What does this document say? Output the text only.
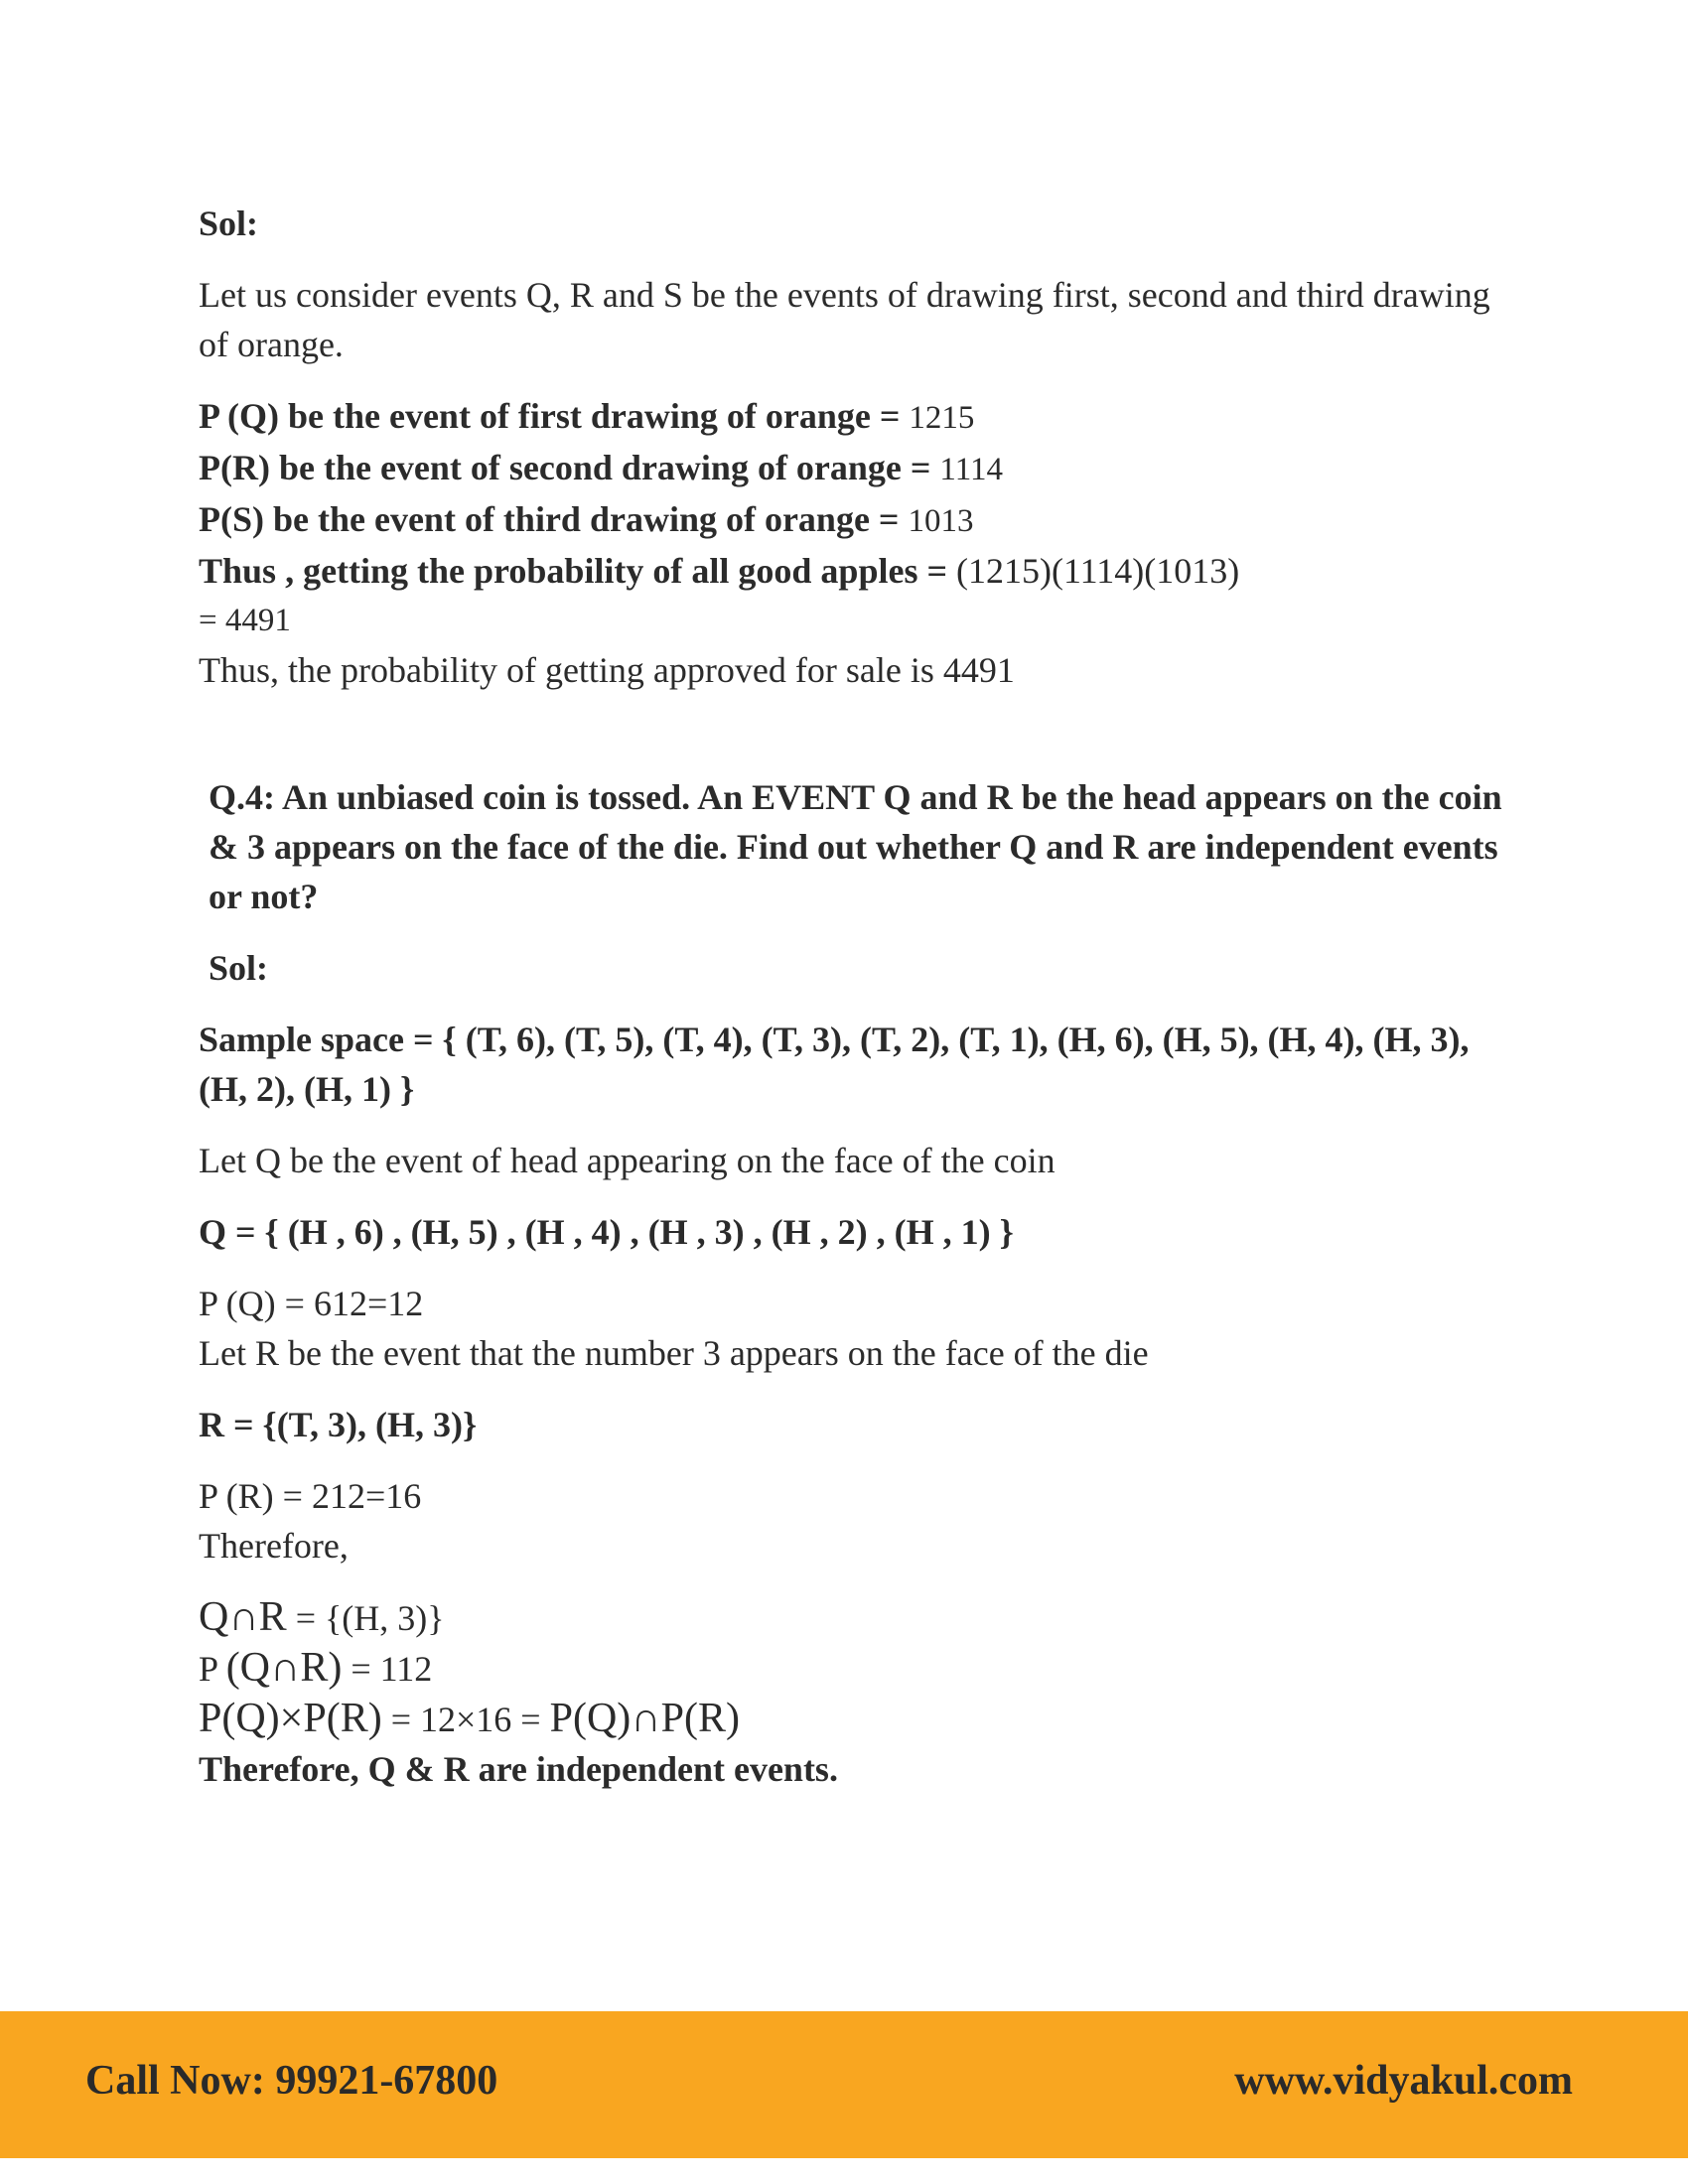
Sol:
Let us consider events Q, R and S be the events of drawing first, second and third drawing of orange.
P (Q) be the event of first drawing of orange = 1215
P(R) be the event of second drawing of orange = 1114
P(S) be the event of third drawing of orange = 1013
Thus , getting the probability of all good apples = (1215)(1114)(1013)
= 4491
Thus, the probability of getting approved for sale is 4491
Q.4: An unbiased coin is tossed. An EVENT Q and R be the head appears on the coin & 3 appears on the face of the die. Find out whether Q and R are independent events or not?
Sol:
Sample space = { (T, 6), (T, 5), (T, 4), (T, 3), (T, 2), (T, 1), (H, 6), (H, 5), (H, 4), (H, 3), (H, 2), (H, 1) }
Let Q be the event of head appearing on the face of the coin
Q = { (H , 6) , (H, 5) , (H , 4) , (H , 3) , (H , 2) , (H , 1) }
P (Q) = 612=12
Let R be the event that the number 3 appears on the face of the die
R = {(T, 3), (H, 3)}
P (R) = 212=16
Therefore,
Q∩R = {(H, 3)}
P (Q∩R) = 112
P(Q)×P(R) = 12×16 = P(Q)∩P(R)
Therefore, Q & R are independent events.
Call Now: 99921-67800	www.vidyakul.com
